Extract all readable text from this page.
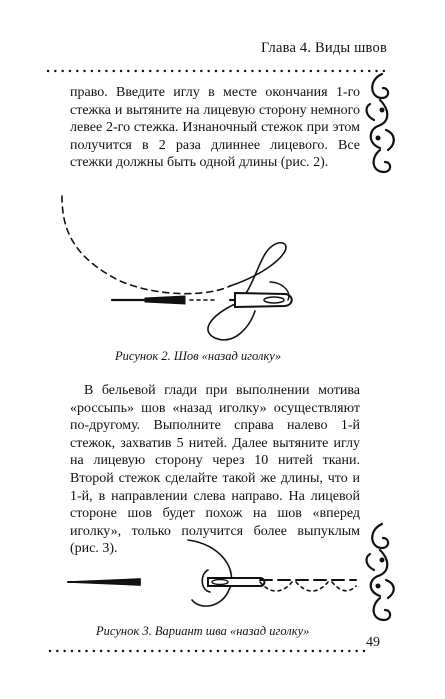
Глава 4. Виды швов
право. Введите иглу в месте окончания 1-го стежка и вытяните на лицевую сторону немного левее 2-го стежка. Изнаночный стежок при этом получится в 2 раза длиннее лицевого. Все стежки должны быть одной длины (рис. 2).
Рисунок 2. Шов «назад иголку»
В бельевой глади при выполнении мотива «россыпь» шов «назад иголку» осуществляют по-другому. Выполните справа налево 1-й стежок, захватив 5 нитей. Далее вытяните иглу на лицевую сторону через 10 нитей ткани. Второй стежок сделайте такой же длины, что и 1-й, в направлении слева направо. На лицевой стороне шов будет похож на шов «вперед иголку», только получится более выпуклым (рис. 3).
Рисунок 3. Вариант шва «назад иголку»
49
